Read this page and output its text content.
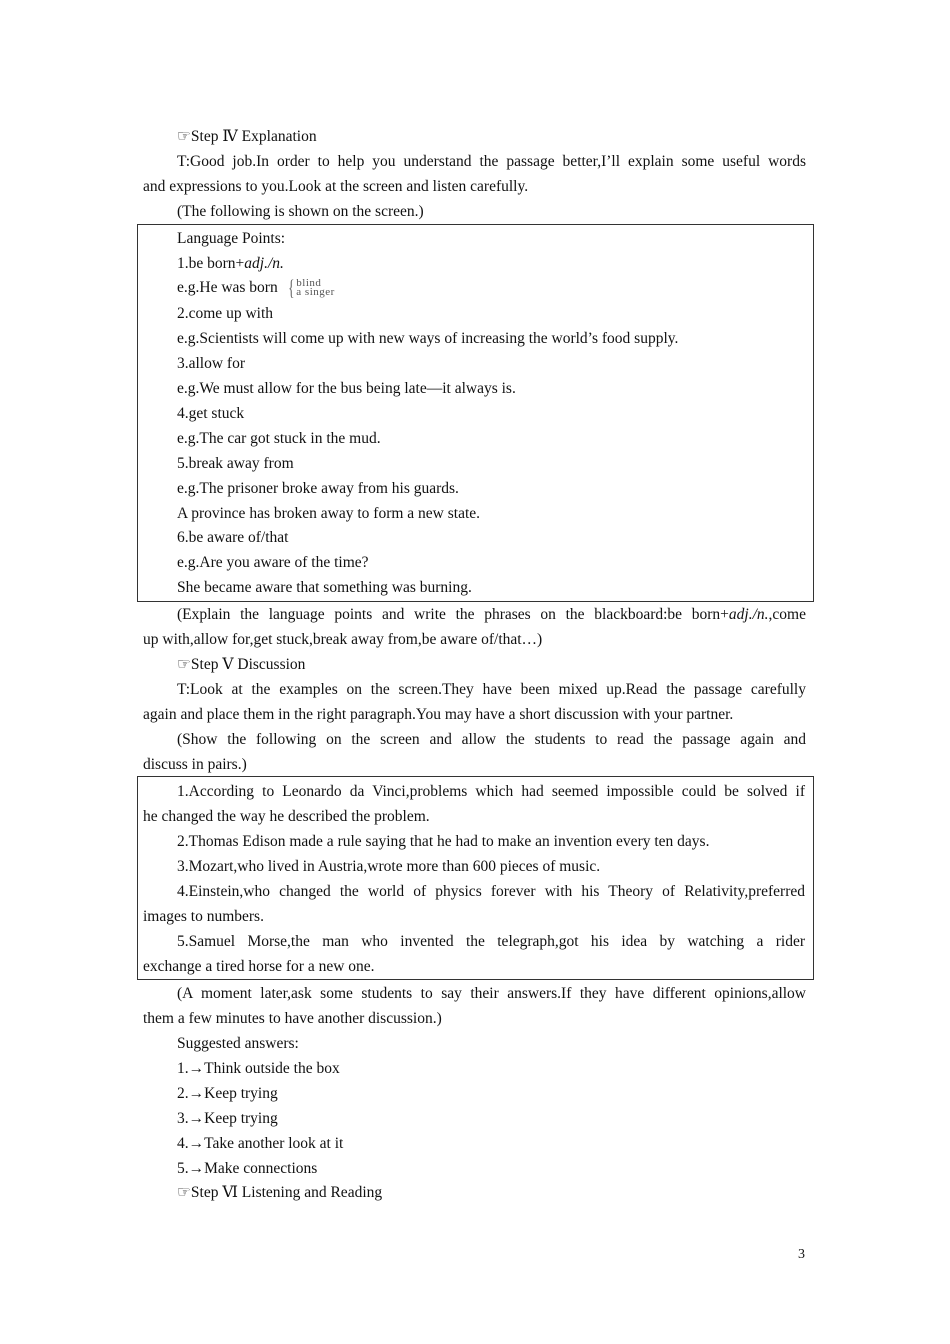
☞Step Ⅳ Explanation
T:Good job.In order to help you understand the passage better,I’ll explain some useful words
and expressions to you.Look at the screen and listen carefully.
(The following is shown on the screen.)
Language Points:
1.be born+adj./n.
e.g.He was born { blind
a singer
2.come up with
e.g.Scientists will come up with new ways of increasing the world’s food supply.
3.allow for
e.g.We must allow for the bus being late—it always is.
4.get stuck
e.g.The car got stuck in the mud.
5.break away from
e.g.The prisoner broke away from his guards.
A province has broken away to form a new state.
6.be aware of/that
e.g.Are you aware of the time?
She became aware that something was burning.
(Explain the language points and write the phrases on the blackboard:be born+adj./n.,come
up with,allow for,get stuck,break away from,be aware of/that…)
☞Step Ⅴ Discussion
T:Look at the examples on the screen.They have been mixed up.Read the passage carefully
again and place them in the right paragraph.You may have a short discussion with your partner.
(Show the following on the screen and allow the students to read the passage again and
discuss in pairs.)
1.According to Leonardo da Vinci,problems which had seemed impossible could be solved if
he changed the way he described the problem.
2.Thomas Edison made a rule saying that he had to make an invention every ten days.
3.Mozart,who lived in Austria,wrote more than 600 pieces of music.
4.Einstein,who changed the world of physics forever with his Theory of Relativity,preferred
images to numbers.
5.Samuel Morse,the man who invented the telegraph,got his idea by watching a rider
exchange a tired horse for a new one.
(A moment later,ask some students to say their answers.If they have different opinions,allow
them a few minutes to have another discussion.)
Suggested answers:
1.→Think outside the box
2.→Keep trying
3.→Keep trying
4.→Take another look at it
5.→Make connections
☞Step Ⅵ Listening and Reading
3
